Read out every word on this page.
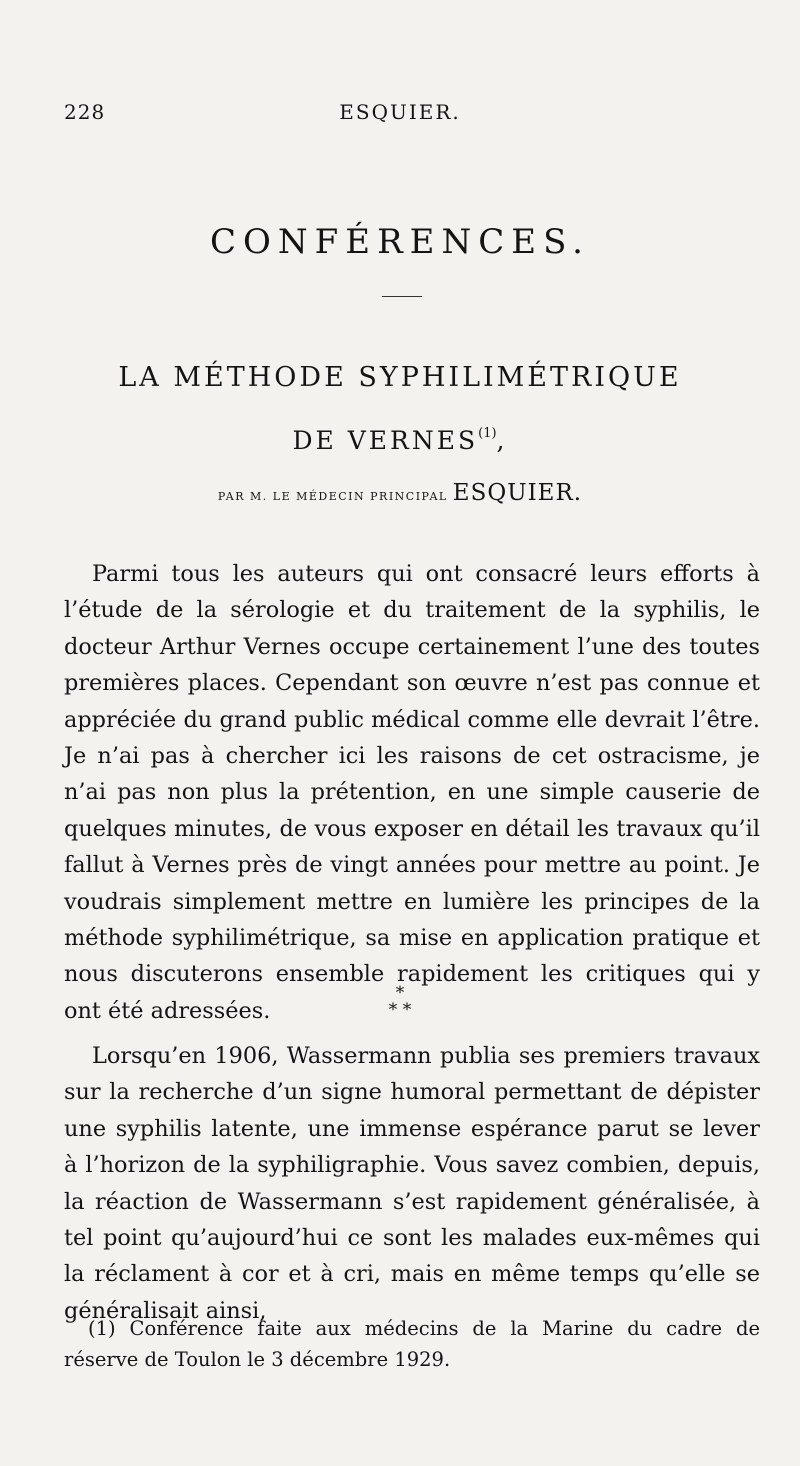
228	ESQUIER.
CONFÉRENCES.
LA MÉTHODE SYPHILIMÉTRIQUE
DE VERNES$^{(1)}$,
PAR M. LE MÉDECIN PRINCIPAL ESQUIER.

Parmi tous les auteurs qui ont consacré leurs efforts à l’étude de la sérologie et du traitement de la syphilis, le docteur Arthur Vernes occupe certainement l’une des toutes premières places. Cependant son œuvre n’est pas connue et appréciée du grand public médical comme elle devrait l’être. Je n’ai pas à chercher ici les raisons de cet ostracisme, je n’ai pas non plus la prétention, en une simple causerie de quelques minutes, de vous exposer en détail les travaux qu’il fallut à Vernes près de vingt années pour mettre au point. Je voudrais simplement mettre en lumière les principes de la méthode syphilimétrique, sa mise en application pratique et nous discuterons ensemble rapidement les critiques qui y ont été adressées.

*
* *

Lorsqu’en 1906, Wassermann publia ses premiers travaux sur la recherche d’un signe humoral permettant de dépister une syphilis latente, une immense espérance parut se lever à l’horizon de la syphiligraphie. Vous savez combien, depuis, la réaction de Wassermann s’est rapidement généralisée, à tel point qu’aujourd’hui ce sont les malades eux-mêmes qui la réclament à cor et à cri, mais en même temps qu’elle se généralisait ainsi,

(1) Conférence faite aux médecins de la Marine du cadre de réserve de Toulon le 3 décembre 1929.
